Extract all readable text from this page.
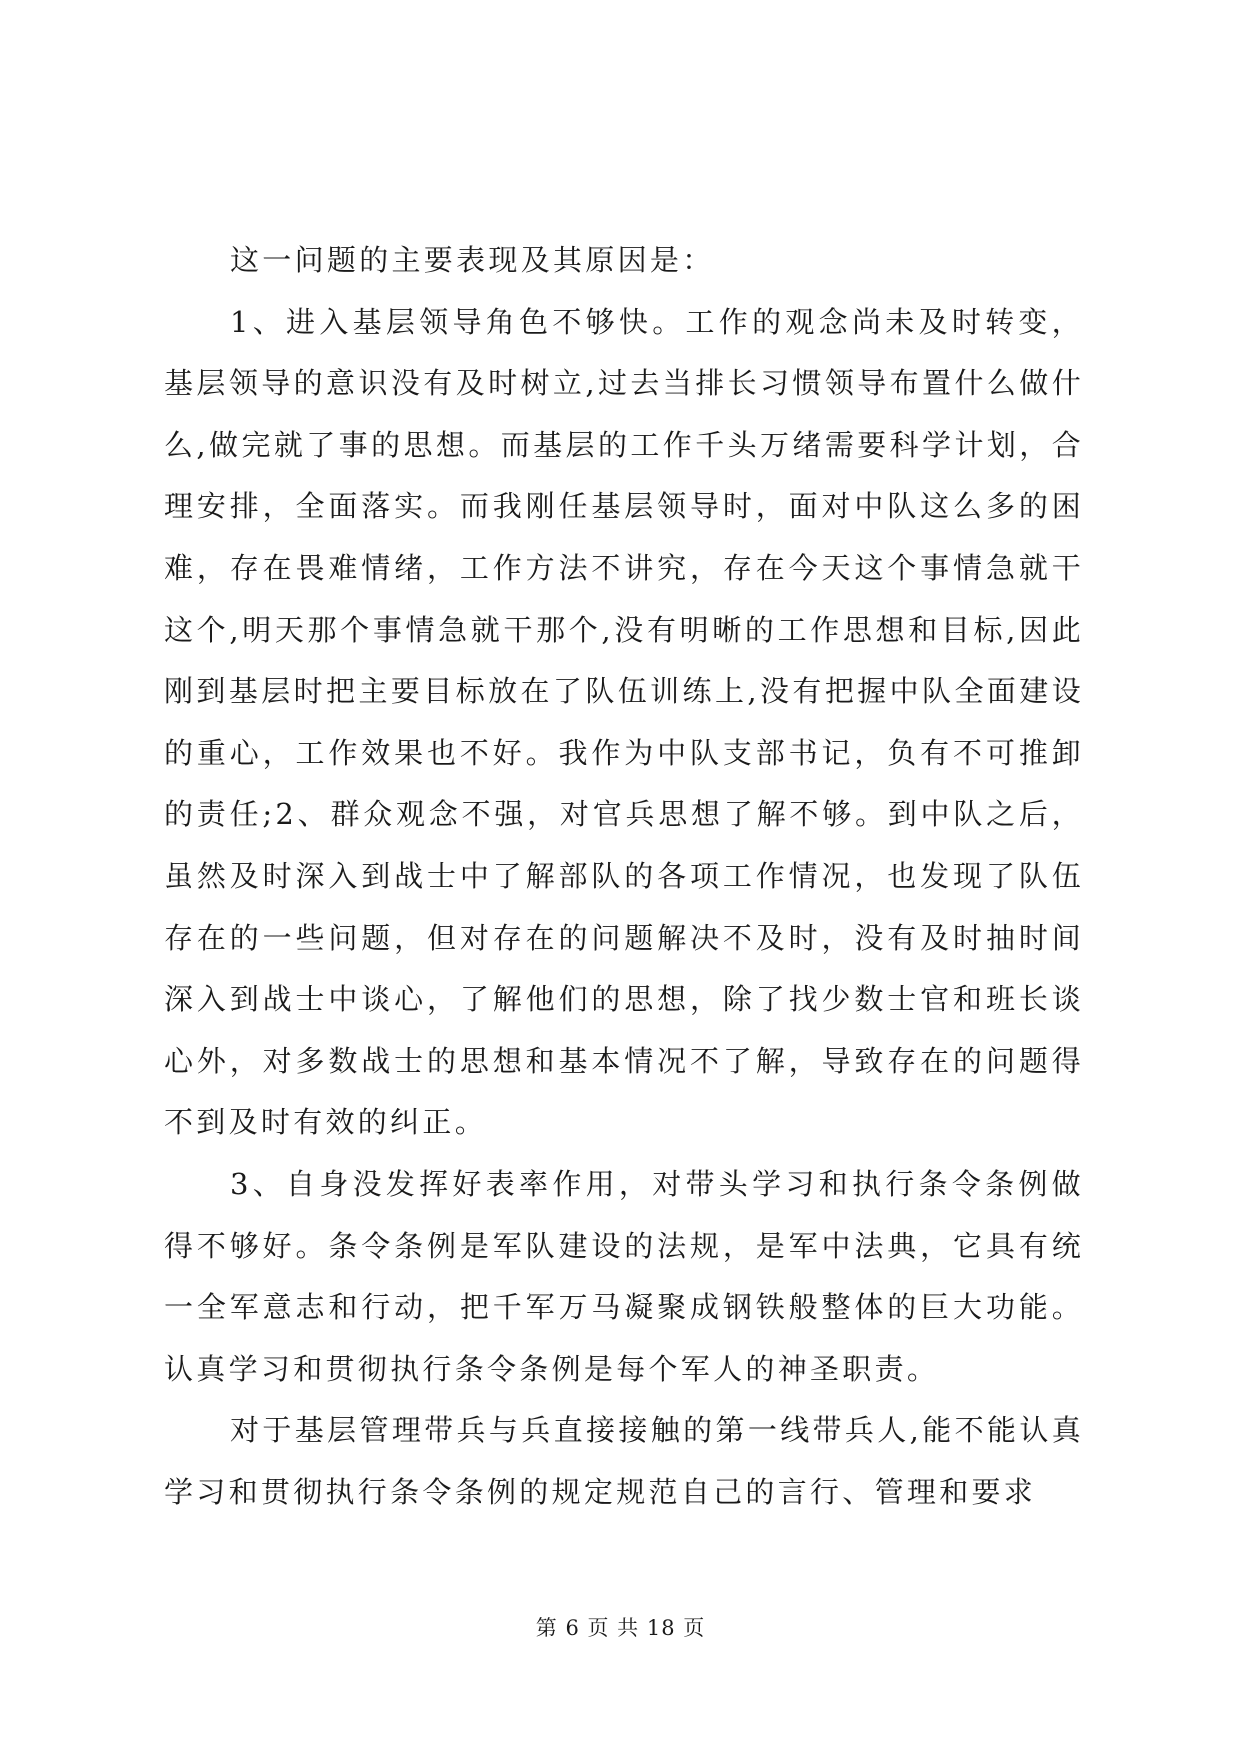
这一问题的主要表现及其原因是：

1、进入基层领导角色不够快。工作的观念尚未及时转变，基层领导的意识没有及时树立,过去当排长习惯领导布置什么做什么,做完就了事的思想。而基层的工作千头万绪需要科学计划，合理安排，全面落实。而我刚任基层领导时，面对中队这么多的困难，存在畏难情绪，工作方法不讲究，存在今天这个事情急就干这个,明天那个事情急就干那个,没有明晰的工作思想和目标,因此刚到基层时把主要目标放在了队伍训练上,没有把握中队全面建设的重心，工作效果也不好。我作为中队支部书记，负有不可推卸的责任;2、群众观念不强，对官兵思想了解不够。到中队之后，虽然及时深入到战士中了解部队的各项工作情况，也发现了队伍存在的一些问题，但对存在的问题解决不及时，没有及时抽时间深入到战士中谈心，了解他们的思想，除了找少数士官和班长谈心外，对多数战士的思想和基本情况不了解，导致存在的问题得不到及时有效的纠正。

3、自身没发挥好表率作用，对带头学习和执行条令条例做得不够好。条令条例是军队建设的法规，是军中法典，它具有统一全军意志和行动，把千军万马凝聚成钢铁般整体的巨大功能。认真学习和贯彻执行条令条例是每个军人的神圣职责。

对于基层管理带兵与兵直接接触的第一线带兵人,能不能认真学习和贯彻执行条令条例的规定规范自己的言行、管理和要求

第 6 页 共 18 页
